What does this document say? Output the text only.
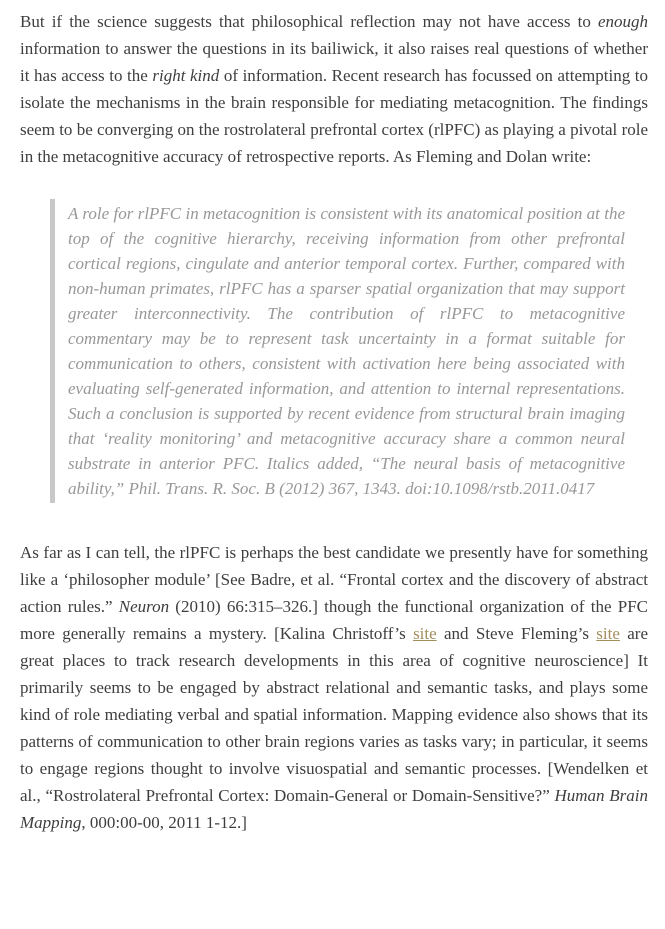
But if the science suggests that philosophical reflection may not have access to enough information to answer the questions in its bailiwick, it also raises real questions of whether it has access to the right kind of information. Recent research has focussed on attempting to isolate the mechanisms in the brain responsible for mediating metacognition. The findings seem to be converging on the rostrolateral prefrontal cortex (rlPFC) as playing a pivotal role in the metacognitive accuracy of retrospective reports. As Fleming and Dolan write:

A role for rlPFC in metacognition is consistent with its anatomical position at the top of the cognitive hierarchy, receiving information from other prefrontal cortical regions, cingulate and anterior temporal cortex. Further, compared with non-human primates, rlPFC has a sparser spatial organization that may support greater interconnectivity. The contribution of rlPFC to metacognitive commentary may be to represent task uncertainty in a format suitable for communication to others, consistent with activation here being associated with evaluating self-generated information, and attention to internal representations. Such a conclusion is supported by recent evidence from structural brain imaging that ‘reality monitoring’ and metacognitive accuracy share a common neural substrate in anterior PFC. Italics added, “The neural basis of metacognitive ability,” Phil. Trans. R. Soc. B (2012) 367, 1343. doi:10.1098/rstb.2011.0417

As far as I can tell, the rlPFC is perhaps the best candidate we presently have for something like a ‘philosopher module’ [See Badre, et al. “Frontal cortex and the discovery of abstract action rules.” Neuron (2010) 66:315–326.] though the functional organization of the PFC more generally remains a mystery. [Kalina Christoff’s site and Steve Fleming’s site are great places to track research developments in this area of cognitive neuroscience] It primarily seems to be engaged by abstract relational and semantic tasks, and plays some kind of role mediating verbal and spatial information. Mapping evidence also shows that its patterns of communication to other brain regions varies as tasks vary; in particular, it seems to engage regions thought to involve visuospatial and semantic processes. [Wendelken et al., “Rostrolateral Prefrontal Cortex: Domain-General or Domain-Sensitive?” Human Brain Mapping, 000:00-00, 2011 1-12.]
